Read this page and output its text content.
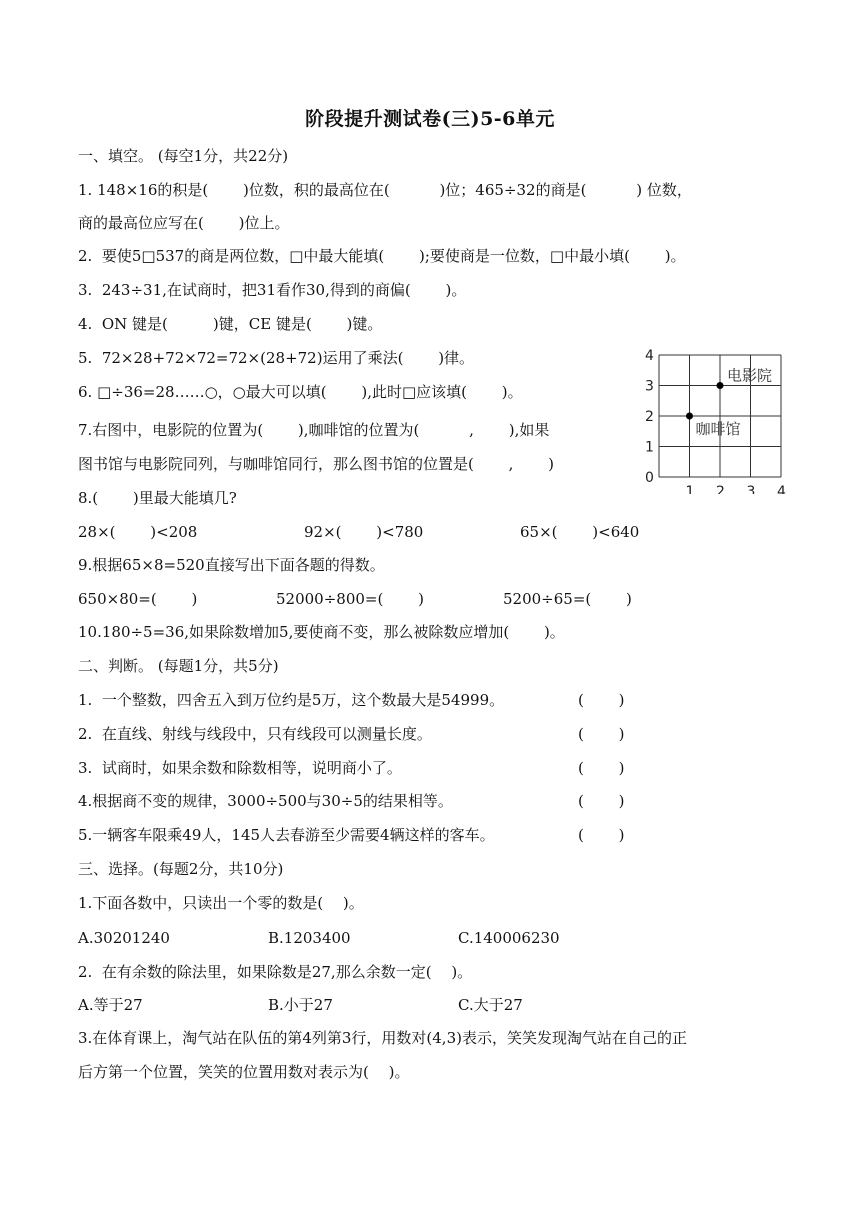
阶段提升测试卷(三)5-6单元
一、填空。 (每空1分，共22分)
1. 148×16的积是(　　 )位数，积的最高位在(　　 　)位；465÷32的商是(　　　 ) 位数，
商的最高位应写在(　　 )位上。
2.  要使5□537的商是两位数，□中最大能填(　　 );要使商是一位数，□中最小填(　　 )。
3.  243÷31,在试商时，把31看作30,得到的商偏(　　 )。
4.  ON 键是(　　　)键，CE 键是(　　 )键。
5.  72×28+72×72=72×(28+72)运用了乘法(　　 )律。
6. □÷36=28……○，○最大可以填(　　 ),此时□应该填(　　 )。
7.右图中，电影院的位置为(　　 ),咖啡馆的位置为(　　　 ,　　 ),如果
图书馆与电影院同列，与咖啡馆同行，那么图书馆的位置是(　　 ,　　 )
8.(　　 )里最大能填几?
28×(　　 )<208	92×(　　 )<780	65×(　　 )<640
9.根据65×8=520直接写出下面各题的得数。
650×80=(　　 )	52000÷800=(　　 )	5200÷65=(　　 )
10.180÷5=36,如果除数增加5,要使商不变，那么被除数应增加(　　 )。
二、判断。 (每题1分，共5分)
1.  一个整数，四舍五入到万位约是5万，这个数最大是54999。	(　　 )
2.  在直线、射线与线段中，只有线段可以测量长度。	(　　 )
3.  试商时，如果余数和除数相等，说明商小了。	(　　 )
4.根据商不变的规律，3000÷500与30÷5的结果相等。	(　　 )
5.一辆客车限乘49人，145人去春游至少需要4辆这样的客车。	(　　 )
三、选择。(每题2分，共10分)
1.下面各数中，只读出一个零的数是(　 )。
A.30201240	B.1203400	C.140006230
2.  在有余数的除法里，如果除数是27,那么余数一定(　 )。
A.等于27	B.小于27	C.大于27
3.在体育课上，淘气站在队伍的第4列第3行，用数对(4,3)表示，笑笑发现淘气站在自己的正
后方第一个位置，笑笑的位置用数对表示为(　 )。
0
1 2 3 4
1
2
3
4
电影院
咖啡馆
